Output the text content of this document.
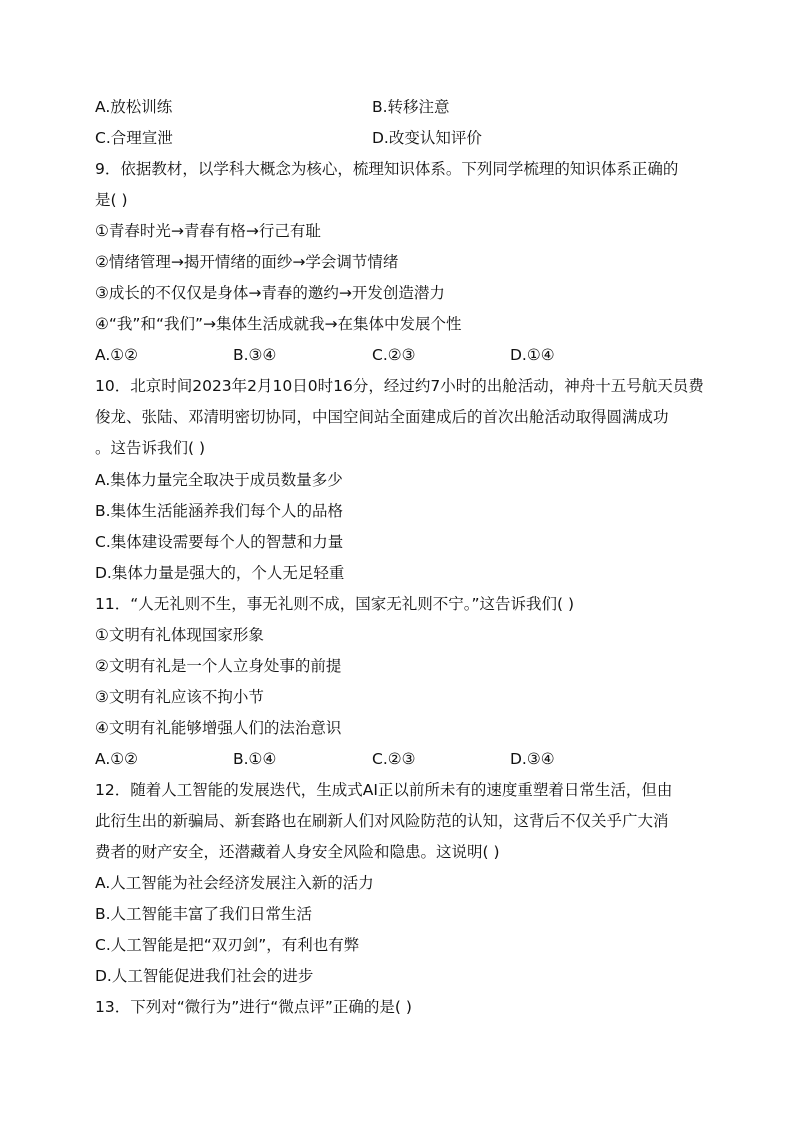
A.放松训练	B.转移注意
C.合理宣泄	D.改变认知评价
9．依据教材，以学科大概念为核心，梳理知识体系。下列同学梳理的知识体系正确的
是( )
①青春时光→青春有格→行己有耻
②情绪管理→揭开情绪的面纱→学会调节情绪
③成长的不仅仅是身体→青春的邀约→开发创造潜力
④“我”和“我们”→集体生活成就我→在集体中发展个性
A.①②	B.③④	C.②③	D.①④
10．北京时间2023年2月10日0时16分，经过约7小时的出舱活动，神舟十五号航天员费
俊龙、张陆、邓清明密切协同，中国空间站全面建成后的首次出舱活动取得圆满成功
。这告诉我们( )
A.集体力量完全取决于成员数量多少
B.集体生活能涵养我们每个人的品格
C.集体建设需要每个人的智慧和力量
D.集体力量是强大的，个人无足轻重
11．“人无礼则不生，事无礼则不成，国家无礼则不宁。”这告诉我们( )
①文明有礼体现国家形象
②文明有礼是一个人立身处事的前提
③文明有礼应该不拘小节
④文明有礼能够增强人们的法治意识
A.①②	B.①④	C.②③	D.③④
12．随着人工智能的发展迭代，生成式AI正以前所未有的速度重塑着日常生活，但由
此衍生出的新骗局、新套路也在刷新人们对风险防范的认知，这背后不仅关乎广大消
费者的财产安全，还潜藏着人身安全风险和隐患。这说明( )
A.人工智能为社会经济发展注入新的活力
B.人工智能丰富了我们日常生活
C.人工智能是把“双刃剑”，有利也有弊
D.人工智能促进我们社会的进步
13．下列对“微行为”进行“微点评”正确的是( )
